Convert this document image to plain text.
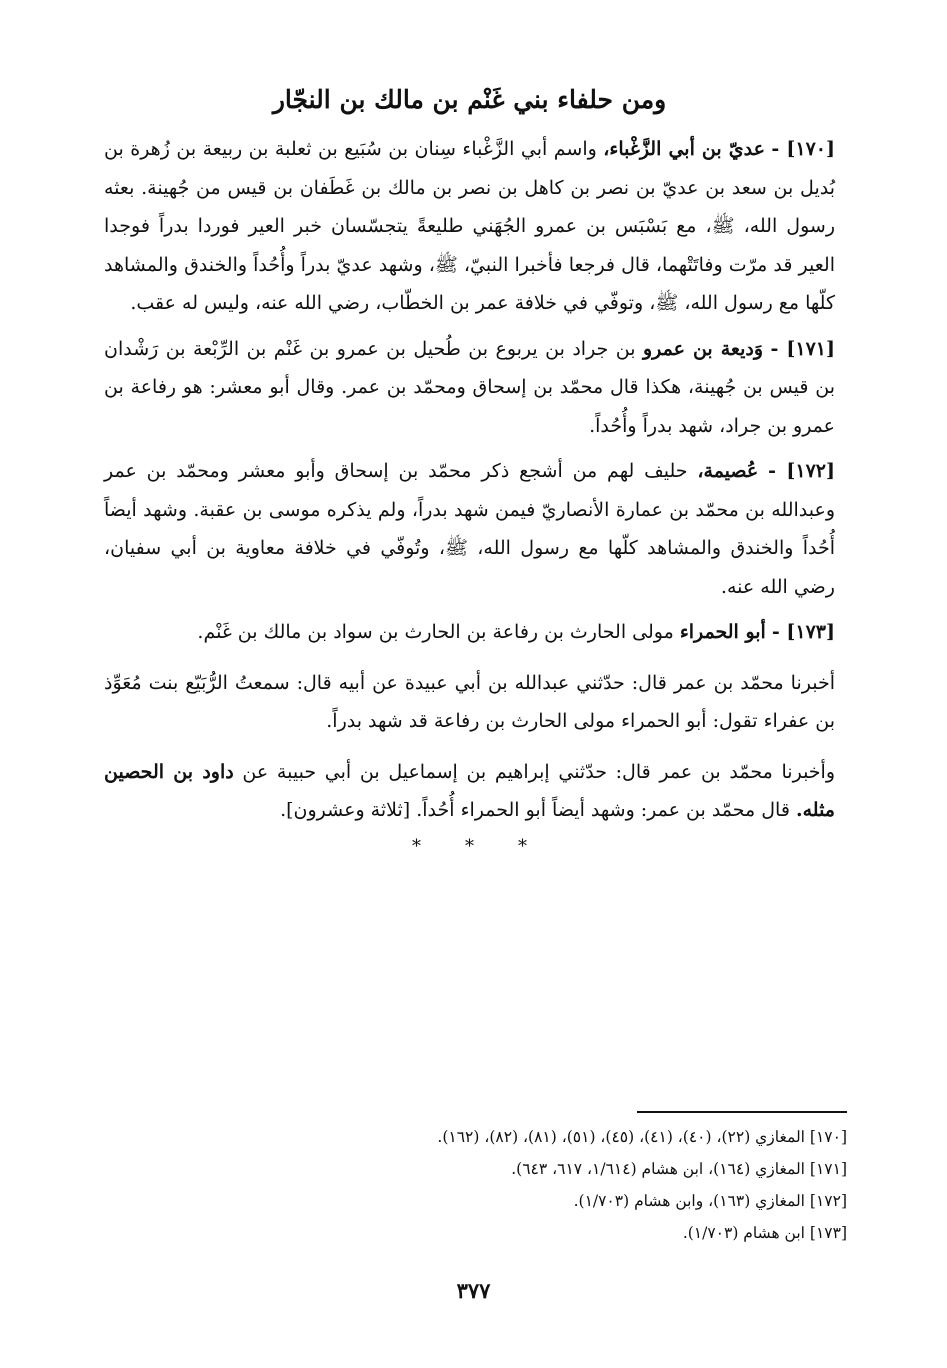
ومن حلفاء بني غَنْم بن مالك بن النجّار

[١٧٠] - عديّ بن أبي الزَّغْباء، واسم أبي الزَّغْباء سِنان بن سُبَيع بن ثعلبة بن ربيعة بن زُهرة بن بُديل بن سعد بن عديّ بن نصر بن كاهل بن نصر بن مالك بن غَطَفان بن قيس من جُهينة. بعثه رسول الله، ﷺ، مع بَسْبَس بن عمرو الجُهَني طليعةً يتجسّسان خبر العير فوردا بدراً فوجدا العير قد مرّت وفاتَتْهما، قال فرجعا فأخبرا النبيّ، ﷺ، وشهد عديّ بدراً وأُحُداً والخندق والمشاهد كلّها مع رسول الله، ﷺ، وتوفّي في خلافة عمر بن الخطّاب، رضي الله عنه، وليس له عقب.

[١٧١] - وَديعة بن عمرو بن جراد بن يربوع بن طُحيل بن عمرو بن غَنْم بن الرِّبْعة بن رَشْدان بن قيس بن جُهينة، هكذا قال محمّد بن إسحاق ومحمّد بن عمر. وقال أبو معشر: هو رفاعة بن عمرو بن جراد، شهد بدراً وأُحُداً.

[١٧٢] - عُصيمة، حليف لهم من أشجع ذكر محمّد بن إسحاق وأبو معشر ومحمّد بن عمر وعبدالله بن محمّد بن عمارة الأنصاريّ فيمن شهد بدراً، ولم يذكره موسى بن عقبة. وشهد أيضاً أُحُداً والخندق والمشاهد كلّها مع رسول الله، ﷺ، وتُوفّي في خلافة معاوية بن أبي سفيان، رضي الله عنه.

[١٧٣] - أبو الحمراء مولى الحارث بن رفاعة بن الحارث بن سواد بن مالك بن غَنْم.

أخبرنا محمّد بن عمر قال: حدّثني عبدالله بن أبي عبيدة عن أبيه قال: سمعتُ الرُّبَيّع بنت مُعَوِّذ بن عفراء تقول: أبو الحمراء مولى الحارث بن رفاعة قد شهد بدراً.

وأخبرنا محمّد بن عمر قال: حدّثني إبراهيم بن إسماعيل بن أبي حبيبة عن داود بن الحصين مثله. قال محمّد بن عمر: وشهد أيضاً أبو الحمراء أُحُداً. [ثلاثة وعشرون].

***

[١٧٠] المغازي (٢٢)، (٤٠)، (٤١)، (٤٥)، (٥١)، (٨١)، (٨٢)، (١٦٢).

[١٧١] المغازي (١٦٤)، ابن هشام (١/٦١٤، ٦١٧، ٦٤٣).

[١٧٢] المغازي (١٦٣)، وابن هشام (١/٧٠٣).

[١٧٣] ابن هشام (١/٧٠٣).

٣٧٧
